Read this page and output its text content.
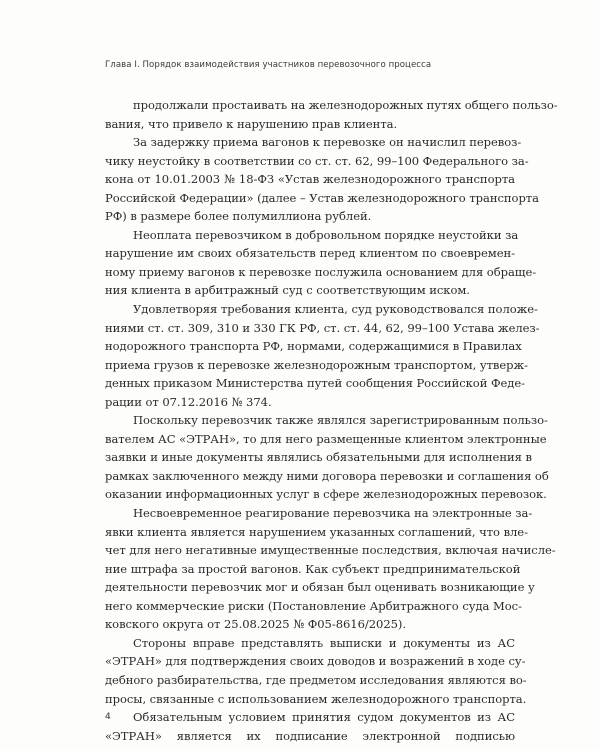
Глава I. Порядок взаимодействия участников перевозочного процесса
продолжали простаивать на железнодорожных путях общего пользо-
вания, что привело к нарушению прав клиента.
За задержку приема вагонов к перевозке он начислил перевоз-
чику неустойку в соответствии со ст. ст. 62, 99–100 Федерального за-
кона от 10.01.2003 № 18-ФЗ «Устав железнодорожного транспорта
Российской Федерации» (далее – Устав железнодорожного транспорта
РФ) в размере более полумиллиона рублей.
Неоплата перевозчиком в добровольном порядке неустойки за
нарушение им своих обязательств перед клиентом по своевремен-
ному приему вагонов к перевозке послужила основанием для обраще-
ния клиента в арбитражный суд с соответствующим иском.
Удовлетворяя требования клиента, суд руководствовался положе-
ниями ст. ст. 309, 310 и 330 ГК РФ, ст. ст. 44, 62, 99–100 Устава желез-
нодорожного транспорта РФ, нормами, содержащимися в Правилах
приема грузов к перевозке железнодорожным транспортом, утверж-
денных приказом Министерства путей сообщения Российской Феде-
рации от 07.12.2016 № 374.
Поскольку перевозчик также являлся зарегистрированным пользо-
вателем АС «ЭТРАН», то для него размещенные клиентом электронные
заявки и иные документы являлись обязательными для исполнения в
рамках заключенного между ними договора перевозки и соглашения об
оказании информационных услуг в сфере железнодорожных перевозок.
Несвоевременное реагирование перевозчика на электронные за-
явки клиента является нарушением указанных соглашений, что вле-
чет для него негативные имущественные последствия, включая начисле-
ние штрафа за простой вагонов. Как субъект предпринимательской
деятельности перевозчик мог и обязан был оценивать возникающие у
него коммерческие риски (Постановление Арбитражного суда Мос-
ковского округа от 25.08.2025 № Ф05-8616/2025).
Стороны вправе представлять выписки и документы из АС
«ЭТРАН» для подтверждения своих доводов и возражений в ходе су-
дебного разбирательства, где предметом исследования являются во-
просы, связанные с использованием железнодорожного транспорта.
Обязательным условием принятия судом документов из АС
«ЭТРАН» является их подписание электронной подписью
4
